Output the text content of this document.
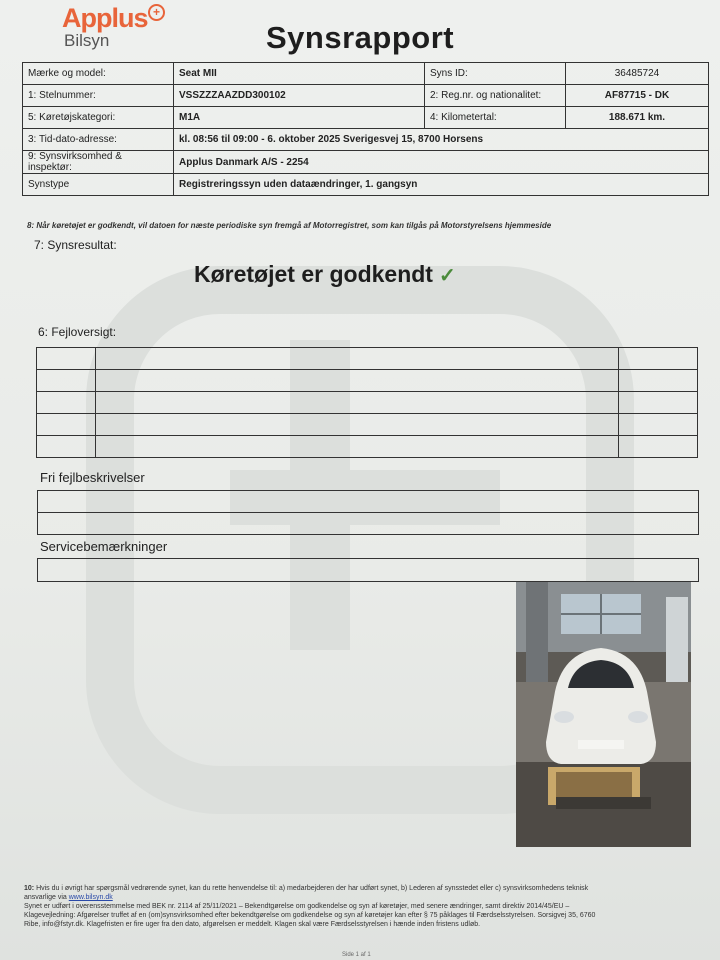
Applus +
Bilsyn	Synsrapport
Mærke og model:	Seat MII	Syns ID:	36485724
1: Stelnummer:	VSSZZZAAZDD300102	2: Reg.nr. og nationalitet:	AF87715 - DK
5: Køretøjskategori:	M1A	4: Kilometertal:	188.671 km.
3: Tid-dato-adresse:	kl. 08:56 til 09:00 - 6. oktober 2025 Sverigesvej 15, 8700 Horsens		
9: Synsvirksomhed & inspektør:	Applus Danmark A/S - 2254		
Synstype	Registreringssyn uden dataændringer, 1. gangsyn		
8: Når køretøjet er godkendt, vil datoen for næste periodiske syn fremgå af Motorregistret, som kan tilgås på Motorstyrelsens hjemmeside
7: Synsresultat:
Køretøjet er godkendt ✓
6: Fejloversigt:

Fri fejlbeskrivelser
Servicebemærkninger
10: Hvis du i øvrigt har spørgsmål vedrørende synet, kan du rette henvendelse til: a) medarbejderen der har udført synet, b) Lederen af synsstedet eller c) synsvirksomhedens teknisk
ansvarlige via www.bilsyn.dk
Synet er udført i overensstemmelse med BEK nr. 2114 af 25/11/2021 – Bekendtgørelse om godkendelse og syn af køretøjer, med senere ændringer, samt direktiv 2014/45/EU –
Klagevejledning: Afgørelser truffet af en (om)synsvirksomhed efter bekendtgørelse om godkendelse og syn af køretøjer kan efter § 75 påklages til Færdselsstyrelsen. Sorsigvej 35, 6760
Ribe, info@fstyr.dk. Klagefristen er fire uger fra den dato, afgørelsen er meddelt. Klagen skal være Færdselsstyrelsen i hænde inden fristens udløb.
Side 1 af 1
